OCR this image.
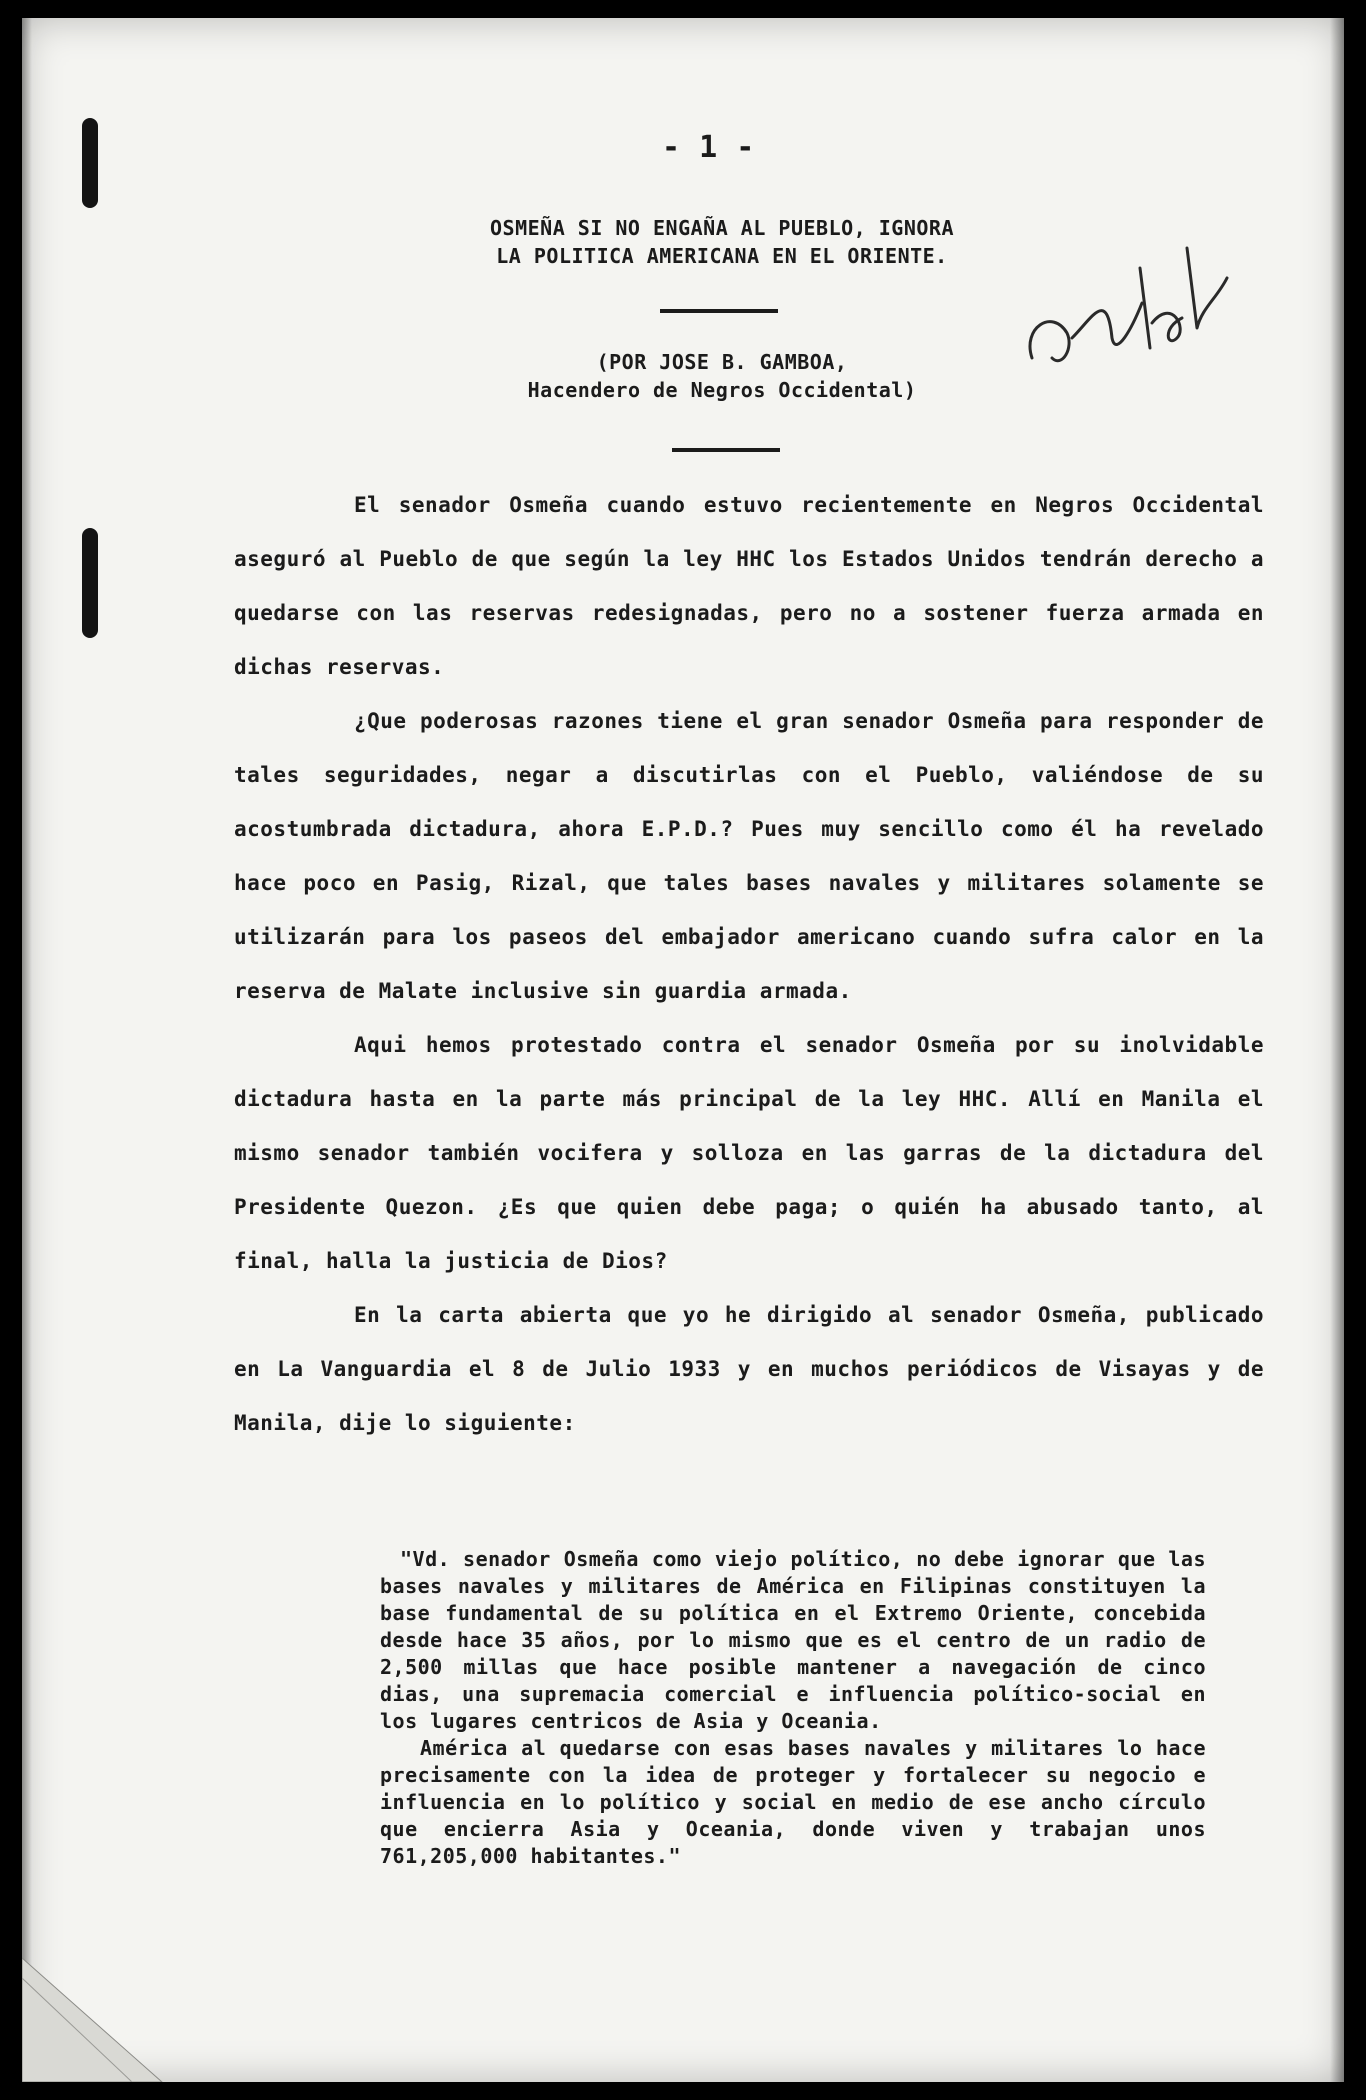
- 1 -
OSMEÑA SI NO ENGAÑA AL PUEBLO, IGNORA
LA POLITICA AMERICANA EN EL ORIENTE.
(POR JOSE B. GAMBOA,
Hacendero de Negros Occidental)

El senador Osmeña cuando estuvo recientemente en Negros Occidental aseguró al Pueblo de que según la ley HHC los Estados Unidos tendrán derecho a quedarse con las reservas redesignadas, pero no a sostener fuerza armada en dichas reservas.

¿Que poderosas razones tiene el gran senador Osmeña para responder de tales seguridades, negar a discutirlas con el Pueblo, valiéndose de su acostumbrada dictadura, ahora E.P.D.? Pues muy sencillo como él ha revelado hace poco en Pasig, Rizal, que tales bases navales y militares solamente se utilizarán para los paseos del embajador americano cuando sufra calor en la reserva de Malate inclusive sin guardia armada.

Aqui hemos protestado contra el senador Osmeña por su inolvidable dictadura hasta en la parte más principal de la ley HHC. Allí en Manila el mismo senador también vocifera y solloza en las garras de la dictadura del Presidente Quezon. ¿Es que quien debe paga; o quién ha abusado tanto, al final, halla la justicia de Dios?

En la carta abierta que yo he dirigido al senador Osmeña, publicado en La Vanguardia el 8 de Julio 1933 y en muchos periódicos de Visayas y de Manila, dije lo siguiente:

"Vd. senador Osmeña como viejo político, no debe ignorar que las bases navales y militares de América en Filipinas constituyen la base fundamental de su política en el Extremo Oriente, concebida desde hace 35 años, por lo mismo que es el centro de un radio de 2,500 millas que hace posible mantener a navegación de cinco dias, una supremacia comercial e influencia político-social en los lugares centricos de Asia y Oceania.

América al quedarse con esas bases navales y militares lo hace precisamente con la idea de proteger y fortalecer su negocio e influencia en lo político y social en medio de ese ancho círculo que encierra Asia y Oceania, donde viven y trabajan unos 761,205,000 habitantes."
